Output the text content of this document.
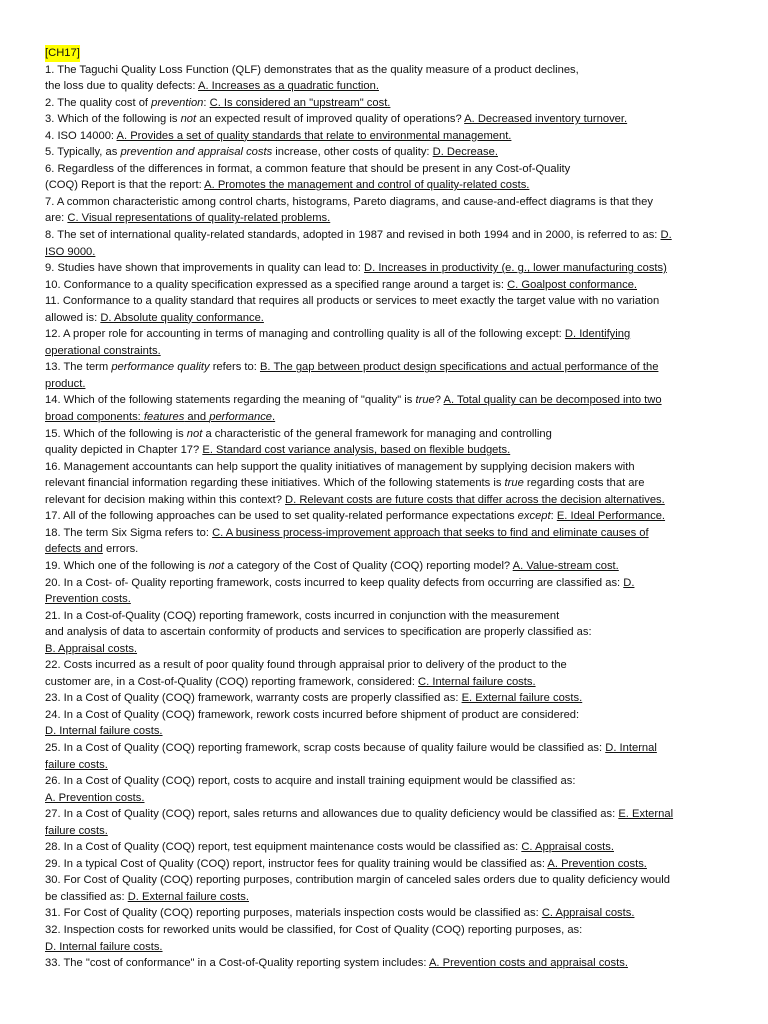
[CH17]
1. The Taguchi Quality Loss Function (QLF) demonstrates that as the quality measure of a product declines,
the loss due to quality defects: A. Increases as a quadratic function.
2. The quality cost of prevention: C. Is considered an "upstream" cost.
3. Which of the following is not an expected result of improved quality of operations? A. Decreased inventory turnover.
4. ISO 14000: A. Provides a set of quality standards that relate to environmental management.
5. Typically, as prevention and appraisal costs increase, other costs of quality: D. Decrease.
6. Regardless of the differences in format, a common feature that should be present in any Cost-of-Quality
(COQ) Report is that the report: A. Promotes the management and control of quality-related costs.
7. A common characteristic among control charts, histograms, Pareto diagrams, and cause-and-effect diagrams is that they
are: C. Visual representations of quality-related problems.
8. The set of international quality-related standards, adopted in 1987 and revised in both 1994 and in 2000, is referred to as: D.
ISO 9000.
9. Studies have shown that improvements in quality can lead to: D. Increases in productivity (e. g., lower manufacturing costs)
10. Conformance to a quality specification expressed as a specified range around a target is: C. Goalpost conformance.
11. Conformance to a quality standard that requires all products or services to meet exactly the target value with no variation
allowed is: D. Absolute quality conformance.
12. A proper role for accounting in terms of managing and controlling quality is all of the following except: D. Identifying
operational constraints.
13. The term performance quality refers to: B. The gap between product design specifications and actual performance of the
product.
14. Which of the following statements regarding the meaning of "quality" is true? A. Total quality can be decomposed into two
broad components: features and performance.
15. Which of the following is not a characteristic of the general framework for managing and controlling
quality depicted in Chapter 17? E. Standard cost variance analysis, based on flexible budgets.
16. Management accountants can help support the quality initiatives of management by supplying decision makers with
relevant financial information regarding these initiatives. Which of the following statements is true regarding costs that are
relevant for decision making within this context? D. Relevant costs are future costs that differ across the decision alternatives.
17. All of the following approaches can be used to set quality-related performance expectations except: E. Ideal Performance.
18. The term Six Sigma refers to: C. A business process-improvement approach that seeks to find and eliminate causes of
defects and errors.
19. Which one of the following is not a category of the Cost of Quality (COQ) reporting model? A. Value-stream cost.
20. In a Cost- of- Quality reporting framework, costs incurred to keep quality defects from occurring are classified as: D.
Prevention costs.
21. In a Cost-of-Quality (COQ) reporting framework, costs incurred in conjunction with the measurement
and analysis of data to ascertain conformity of products and services to specification are properly classified as:
B. Appraisal costs.
22. Costs incurred as a result of poor quality found through appraisal prior to delivery of the product to the
customer are, in a Cost-of-Quality (COQ) reporting framework, considered: C. Internal failure costs.
23. In a Cost of Quality (COQ) framework, warranty costs are properly classified as: E. External failure costs.
24. In a Cost of Quality (COQ) framework, rework costs incurred before shipment of product are considered:
D. Internal failure costs.
25. In a Cost of Quality (COQ) reporting framework, scrap costs because of quality failure would be classified as: D. Internal
failure costs.
26. In a Cost of Quality (COQ) report, costs to acquire and install training equipment would be classified as:
A. Prevention costs.
27. In a Cost of Quality (COQ) report, sales returns and allowances due to quality deficiency would be classified as: E. External
failure costs.
28. In a Cost of Quality (COQ) report, test equipment maintenance costs would be classified as: C. Appraisal costs.
29. In a typical Cost of Quality (COQ) report, instructor fees for quality training would be classified as: A. Prevention costs.
30. For Cost of Quality (COQ) reporting purposes, contribution margin of canceled sales orders due to quality deficiency would
be classified as: D. External failure costs.
31. For Cost of Quality (COQ) reporting purposes, materials inspection costs would be classified as: C. Appraisal costs.
32. Inspection costs for reworked units would be classified, for Cost of Quality (COQ) reporting purposes, as:
D. Internal failure costs.
33. The "cost of conformance" in a Cost-of-Quality reporting system includes: A. Prevention costs and appraisal costs.
